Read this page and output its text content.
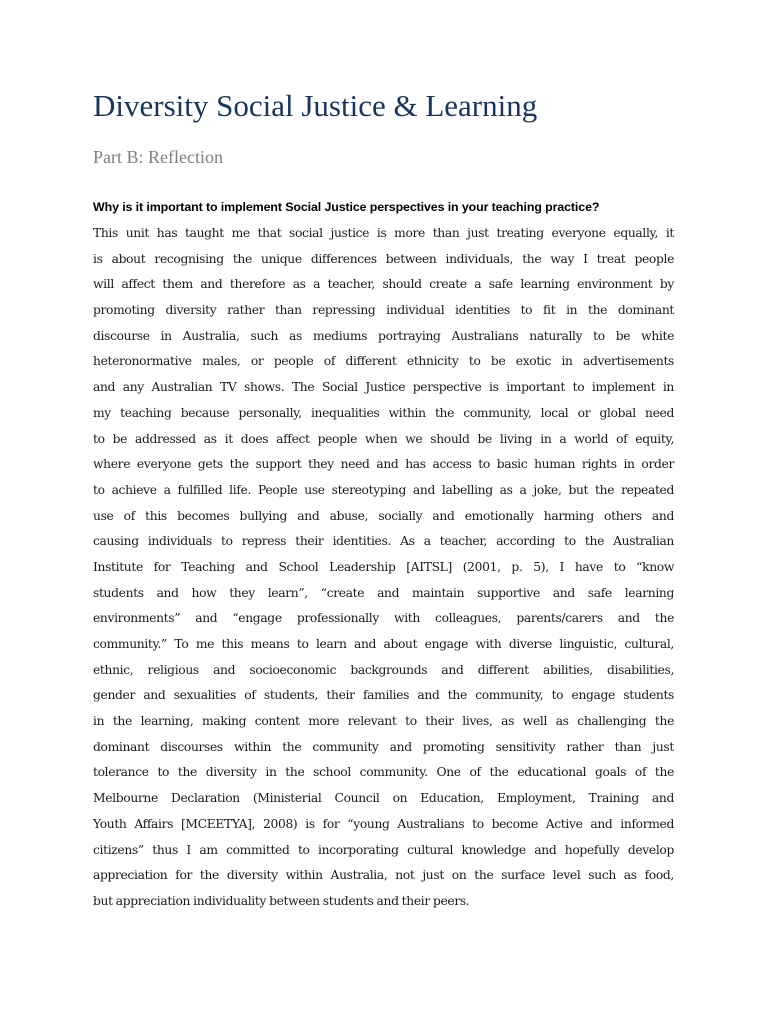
Diversity Social Justice & Learning
Part B: Reflection

Why is it important to implement Social Justice perspectives in your teaching practice?

This unit has taught me that social justice is more than just treating everyone equally, it
is about recognising the unique differences between individuals, the way I treat people
will affect them and therefore as a teacher, should create a safe learning environment by
promoting diversity rather than repressing individual identities to fit in the dominant
discourse in Australia, such as mediums portraying Australians naturally to be white
heteronormative males, or people of different ethnicity to be exotic in advertisements
and any Australian TV shows. The Social Justice perspective is important to implement in
my teaching because personally, inequalities within the community, local or global need
to be addressed as it does affect people when we should be living in a world of equity,
where everyone gets the support they need and has access to basic human rights in order
to achieve a fulfilled life. People use stereotyping and labelling as a joke, but the repeated
use of this becomes bullying and abuse, socially and emotionally harming others and
causing individuals to repress their identities. As a teacher, according to the Australian
Institute for Teaching and School Leadership [AITSL] (2001, p. 5), I have to “know
students and how they learn”, “create and maintain supportive and safe learning
environments” and “engage professionally with colleagues, parents/carers and the
community.” To me this means to learn and about engage with diverse linguistic, cultural,
ethnic, religious and socioeconomic backgrounds and different abilities, disabilities,
gender and sexualities of students, their families and the community, to engage students
in the learning, making content more relevant to their lives, as well as challenging the
dominant discourses within the community and promoting sensitivity rather than just
tolerance to the diversity in the school community. One of the educational goals of the
Melbourne Declaration (Ministerial Council on Education, Employment, Training and
Youth Affairs [MCEETYA], 2008) is for “young Australians to become Active and informed
citizens” thus I am committed to incorporating cultural knowledge and hopefully develop
appreciation for the diversity within Australia, not just on the surface level such as food,
but appreciation individuality between students and their peers.
